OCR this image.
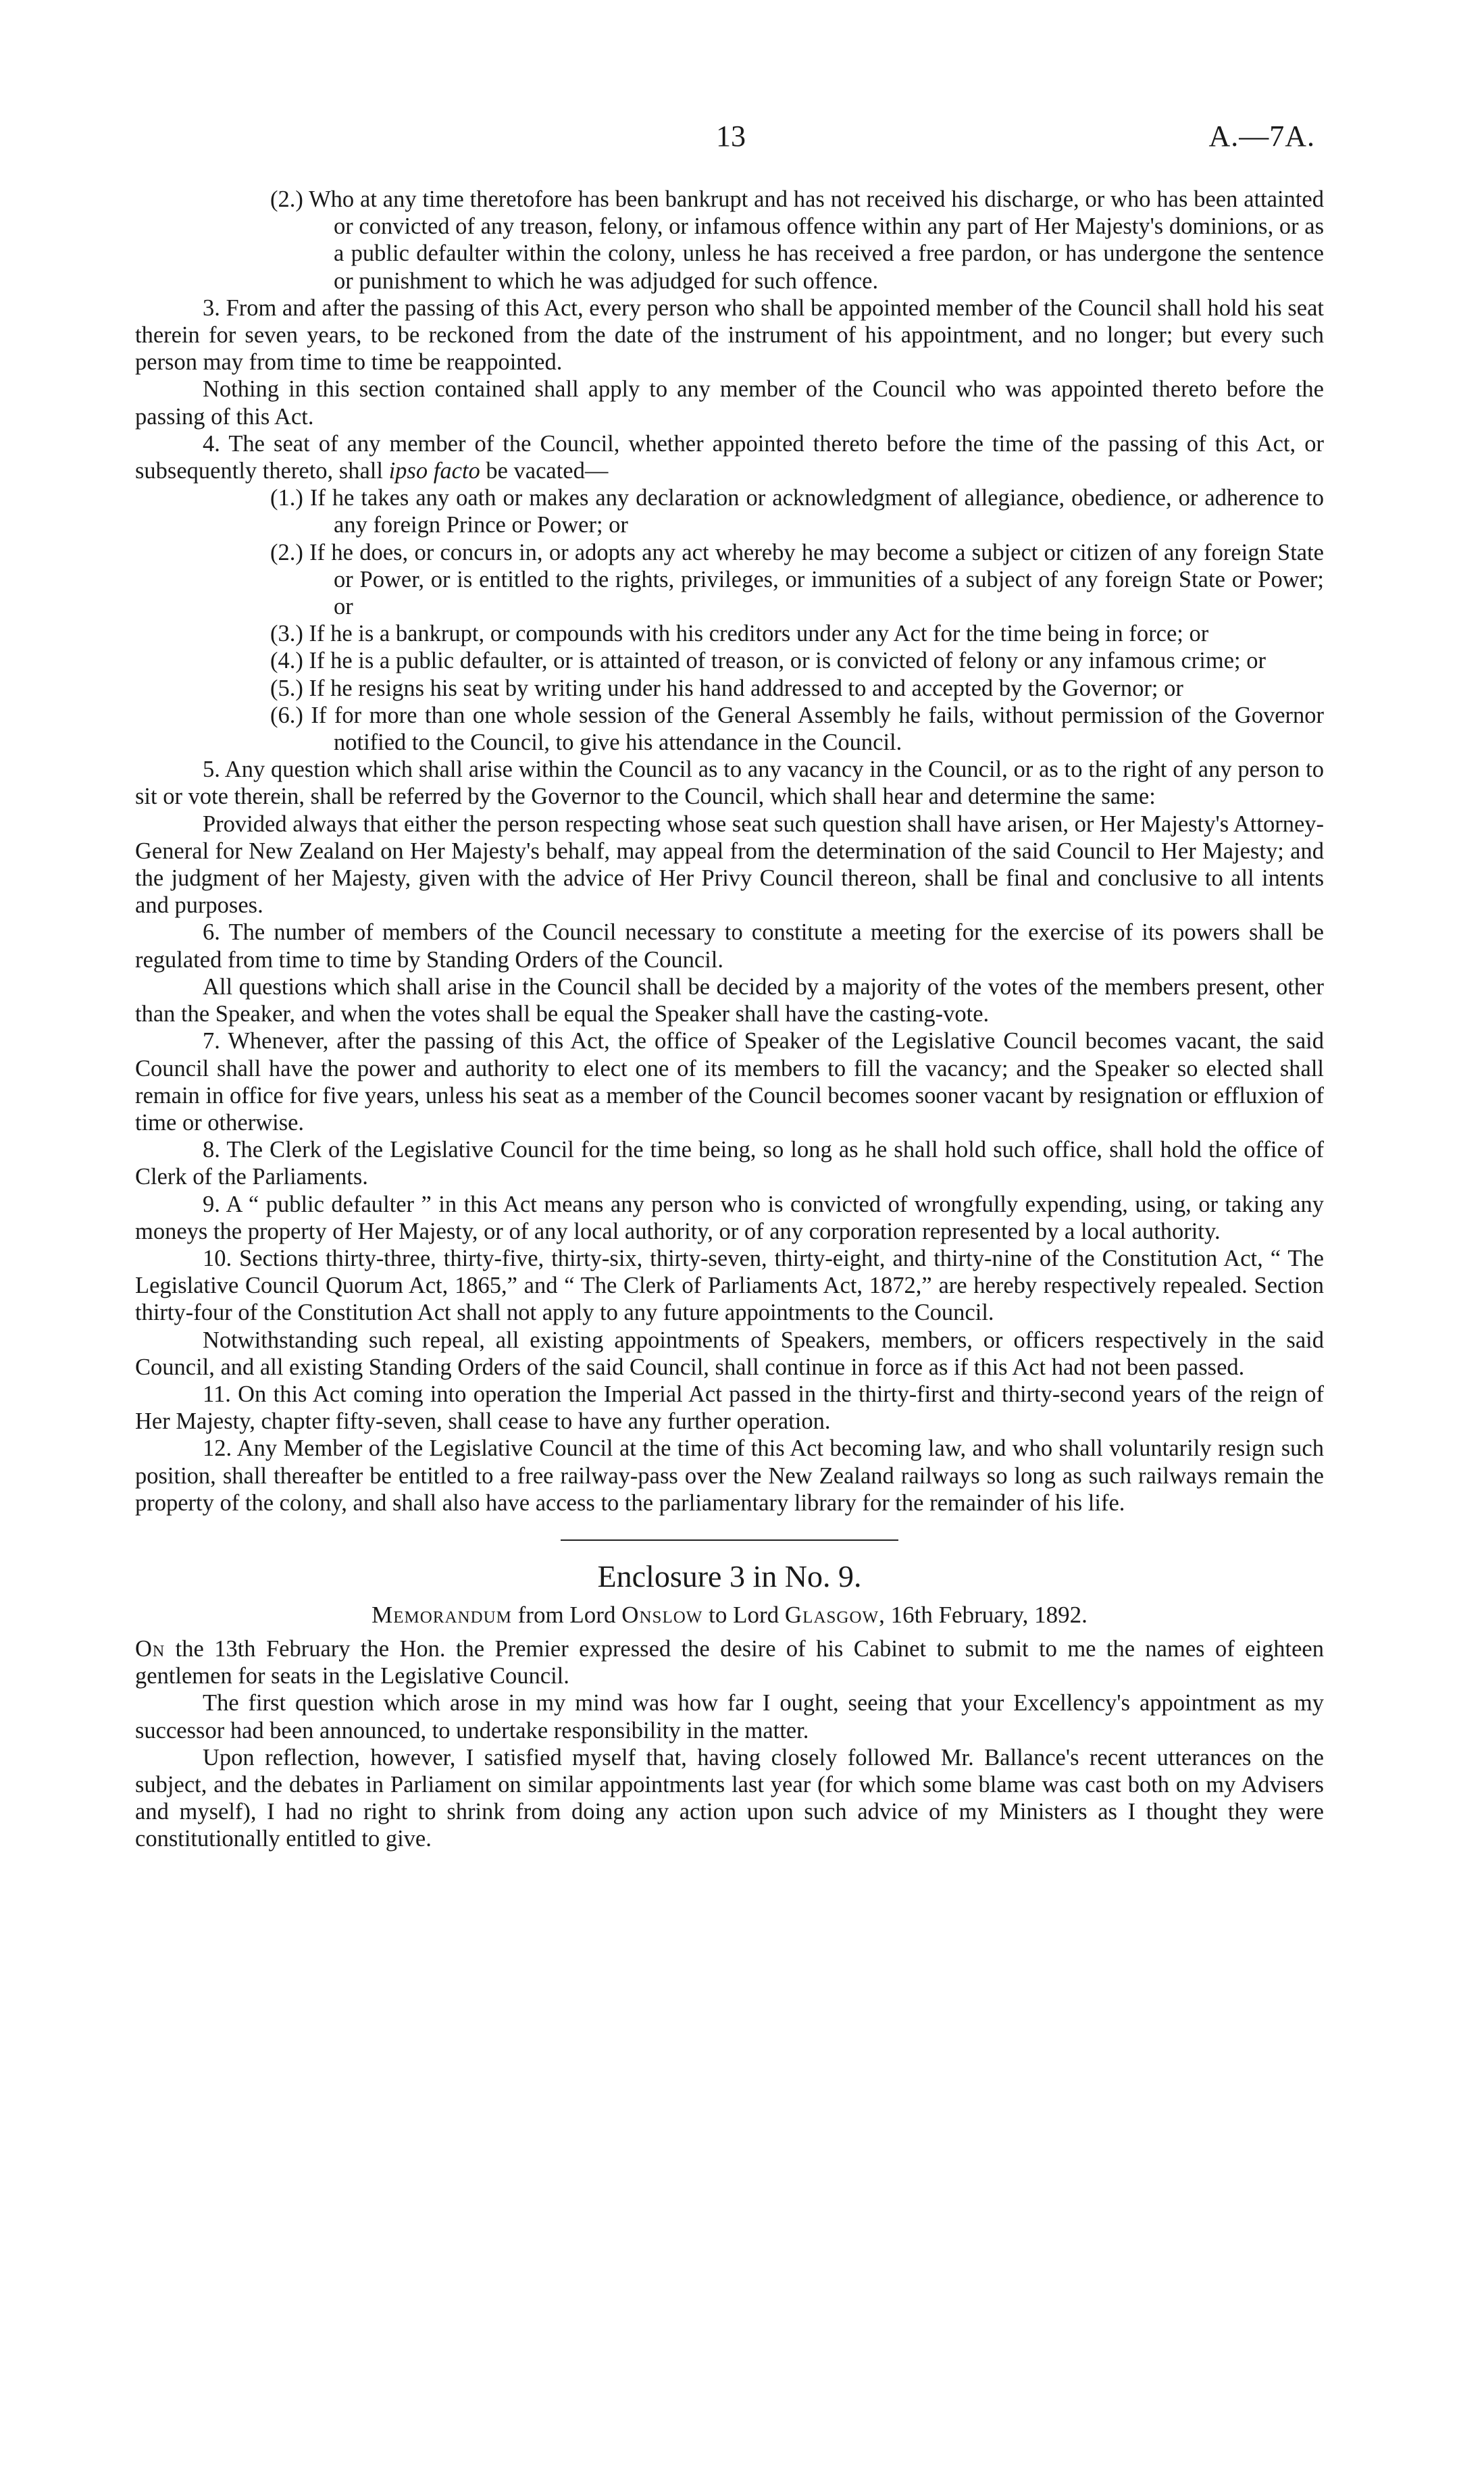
13	A.—7A.

(2.) Who at any time theretofore has been bankrupt and has not received his discharge, or who has been attainted or convicted of any treason, felony, or infamous offence within any part of Her Majesty's dominions, or as a public defaulter within the colony, unless he has received a free pardon, or has undergone the sentence or punishment to which he was adjudged for such offence.

3. From and after the passing of this Act, every person who shall be appointed member of the Council shall hold his seat therein for seven years, to be reckoned from the date of the instrument of his appointment, and no longer; but every such person may from time to time be reappointed.

Nothing in this section contained shall apply to any member of the Council who was appointed thereto before the passing of this Act.

4. The seat of any member of the Council, whether appointed thereto before the time of the passing of this Act, or subsequently thereto, shall ipso facto be vacated—

(1.) If he takes any oath or makes any declaration or acknowledgment of allegiance, obedience, or adherence to any foreign Prince or Power; or

(2.) If he does, or concurs in, or adopts any act whereby he may become a subject or citizen of any foreign State or Power, or is entitled to the rights, privileges, or immunities of a subject of any foreign State or Power; or

(3.) If he is a bankrupt, or compounds with his creditors under any Act for the time being in force; or

(4.) If he is a public defaulter, or is attainted of treason, or is convicted of felony or any infamous crime; or

(5.) If he resigns his seat by writing under his hand addressed to and accepted by the Governor; or

(6.) If for more than one whole session of the General Assembly he fails, without permission of the Governor notified to the Council, to give his attendance in the Council.

5. Any question which shall arise within the Council as to any vacancy in the Council, or as to the right of any person to sit or vote therein, shall be referred by the Governor to the Council, which shall hear and determine the same:

Provided always that either the person respecting whose seat such question shall have arisen, or Her Majesty's Attorney-General for New Zealand on Her Majesty's behalf, may appeal from the determination of the said Council to Her Majesty; and the judgment of her Majesty, given with the advice of Her Privy Council thereon, shall be final and conclusive to all intents and purposes.

6. The number of members of the Council necessary to constitute a meeting for the exercise of its powers shall be regulated from time to time by Standing Orders of the Council.

All questions which shall arise in the Council shall be decided by a majority of the votes of the members present, other than the Speaker, and when the votes shall be equal the Speaker shall have the casting-vote.

7. Whenever, after the passing of this Act, the office of Speaker of the Legislative Council becomes vacant, the said Council shall have the power and authority to elect one of its members to fill the vacancy; and the Speaker so elected shall remain in office for five years, unless his seat as a member of the Council becomes sooner vacant by resignation or effluxion of time or otherwise.

8. The Clerk of the Legislative Council for the time being, so long as he shall hold such office, shall hold the office of Clerk of the Parliaments.

9. A “ public defaulter ” in this Act means any person who is convicted of wrongfully expending, using, or taking any moneys the property of Her Majesty, or of any local authority, or of any corporation represented by a local authority.

10. Sections thirty-three, thirty-five, thirty-six, thirty-seven, thirty-eight, and thirty-nine of the Constitution Act, “ The Legislative Council Quorum Act, 1865,” and “ The Clerk of Parliaments Act, 1872,” are hereby respectively repealed. Section thirty-four of the Constitution Act shall not apply to any future appointments to the Council.

Notwithstanding such repeal, all existing appointments of Speakers, members, or officers respectively in the said Council, and all existing Standing Orders of the said Council, shall continue in force as if this Act had not been passed.

11. On this Act coming into operation the Imperial Act passed in the thirty-first and thirty-second years of the reign of Her Majesty, chapter fifty-seven, shall cease to have any further operation.

12. Any Member of the Legislative Council at the time of this Act becoming law, and who shall voluntarily resign such position, shall thereafter be entitled to a free railway-pass over the New Zealand railways so long as such railways remain the property of the colony, and shall also have access to the parliamentary library for the remainder of his life.

Enclosure 3 in No. 9.
Memorandum from Lord Onslow to Lord Glasgow, 16th February, 1892.

On the 13th February the Hon. the Premier expressed the desire of his Cabinet to submit to me the names of eighteen gentlemen for seats in the Legislative Council.

The first question which arose in my mind was how far I ought, seeing that your Excellency's appointment as my successor had been announced, to undertake responsibility in the matter.

Upon reflection, however, I satisfied myself that, having closely followed Mr. Ballance's recent utterances on the subject, and the debates in Parliament on similar appointments last year (for which some blame was cast both on my Advisers and myself), I had no right to shrink from doing any action upon such advice of my Ministers as I thought they were constitutionally entitled to give.
